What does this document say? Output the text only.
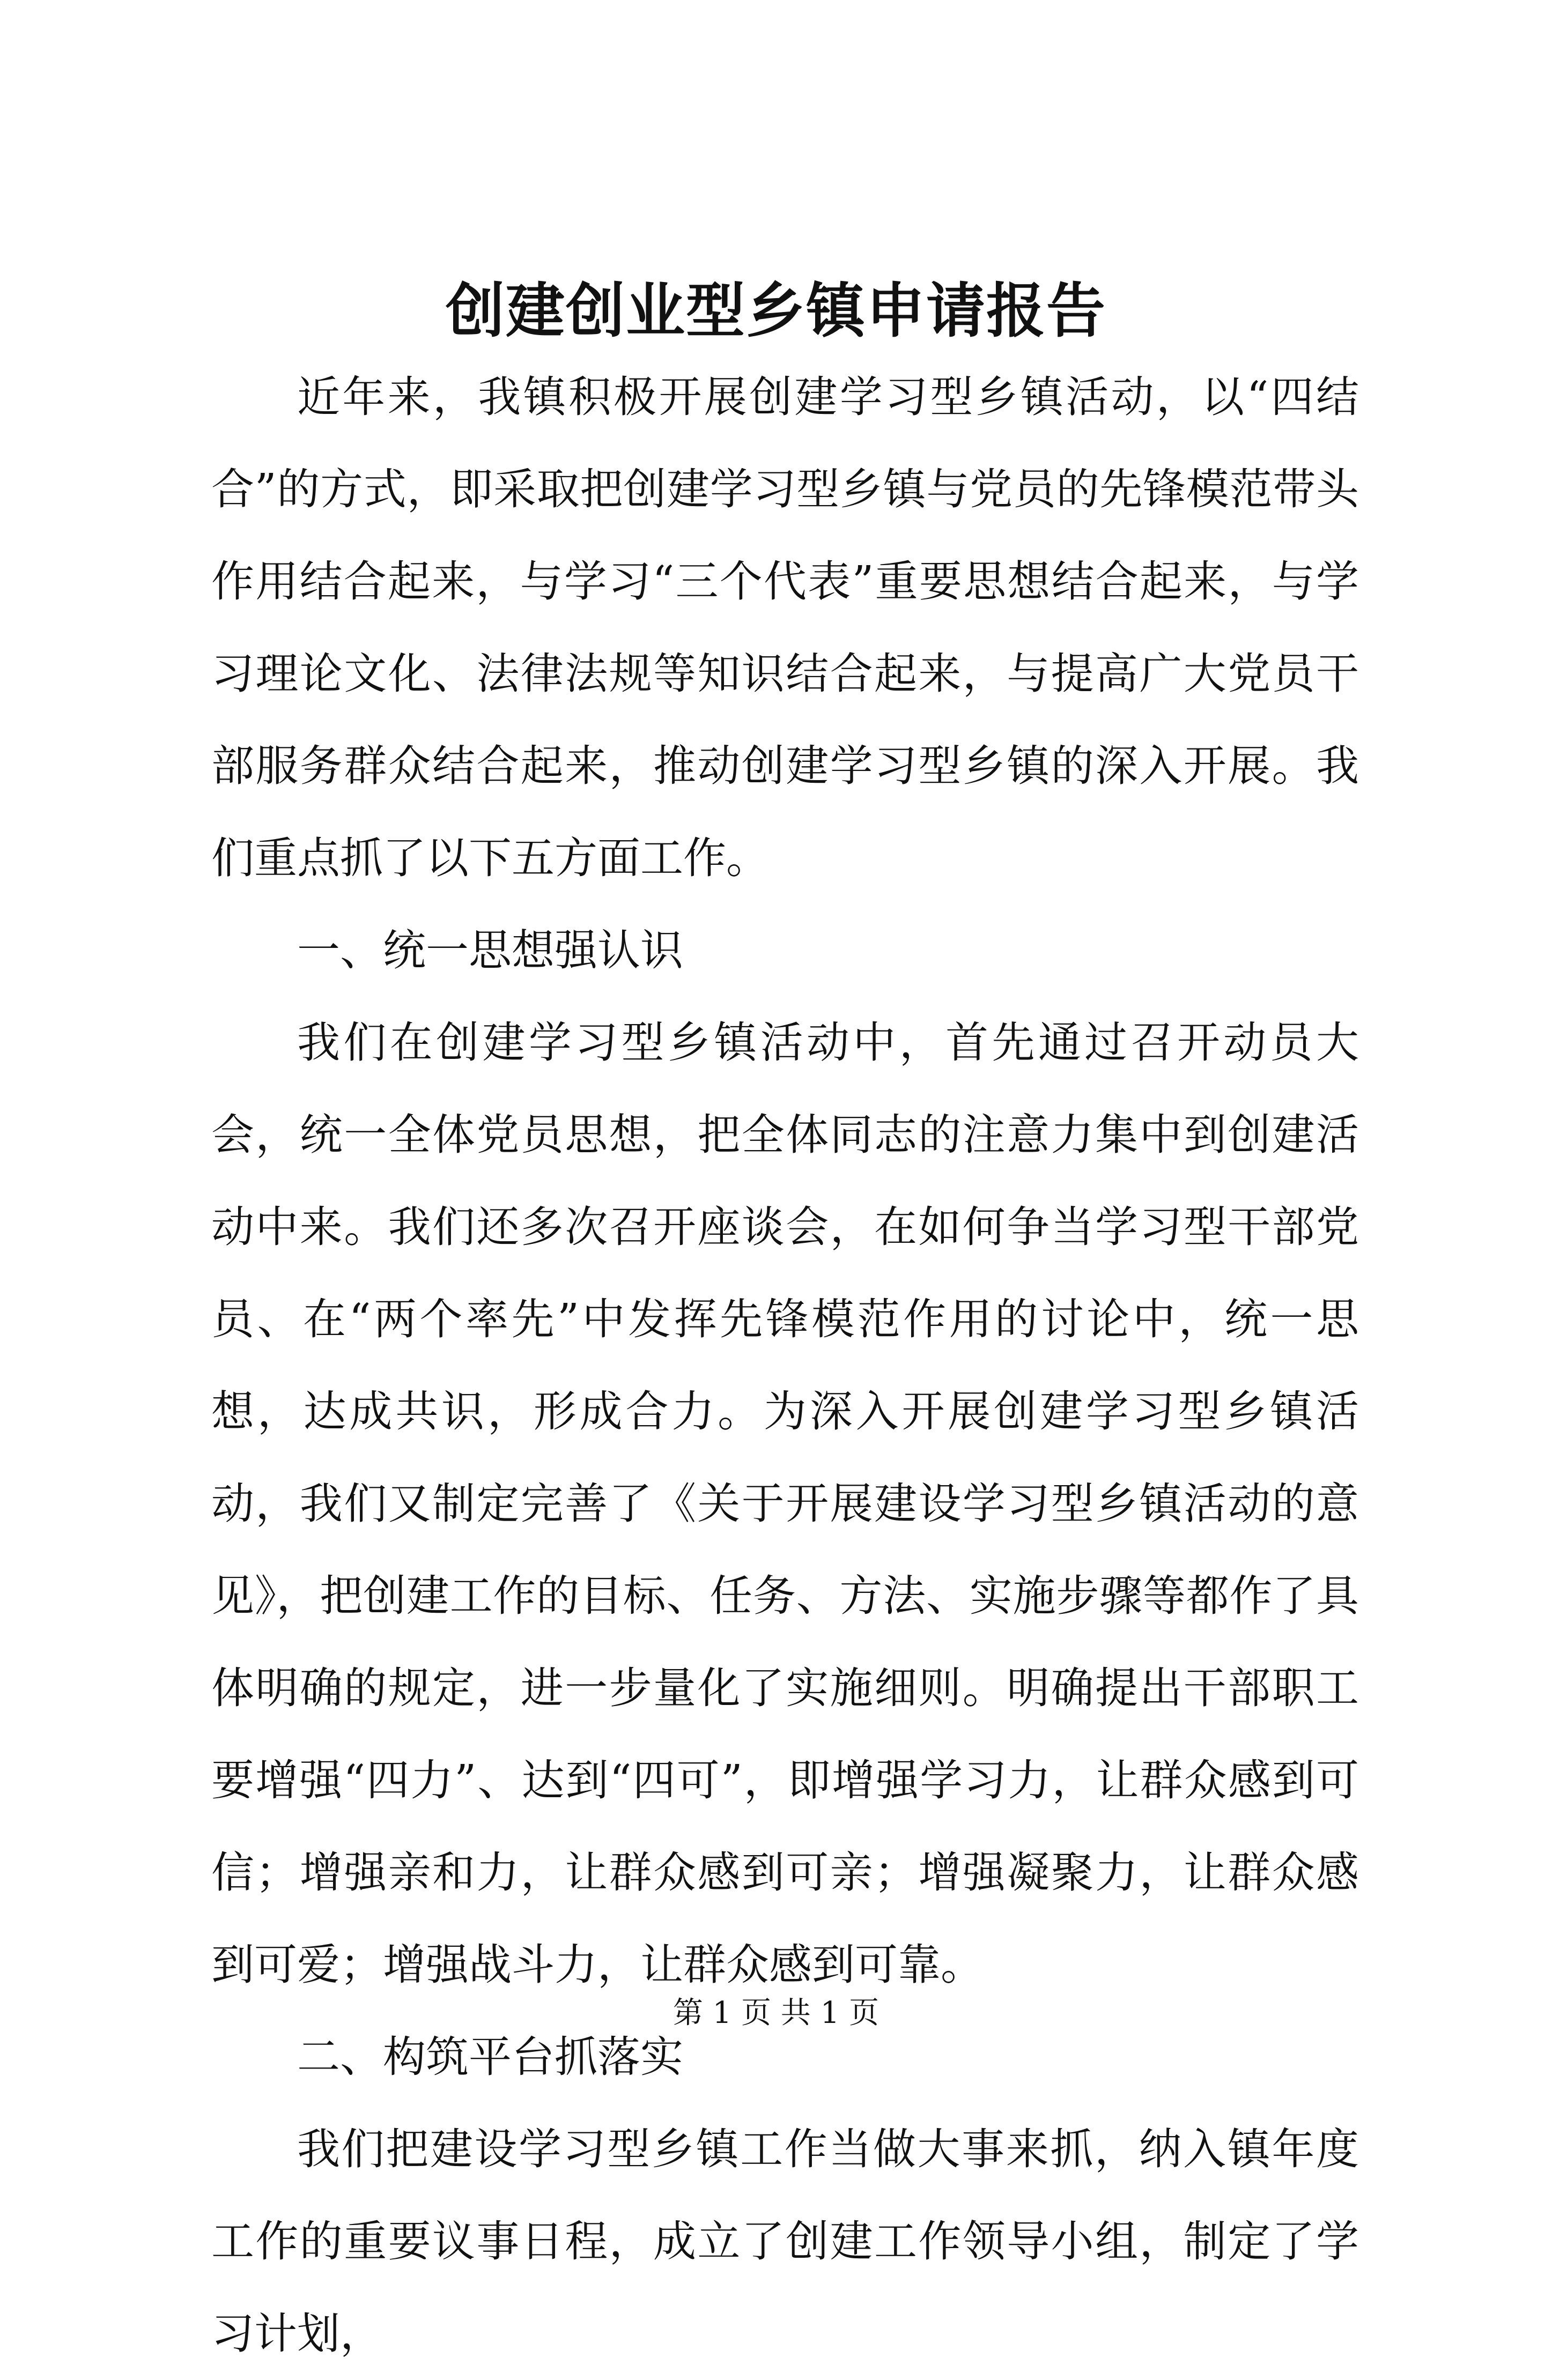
创建创业型乡镇申请报告

近年来，我镇积极开展创建学习型乡镇活动，以“四结合”的方式，即采取把创建学习型乡镇与党员的先锋模范带头作用结合起来，与学习“三个代表”重要思想结合起来，与学习理论文化、法律法规等知识结合起来，与提高广大党员干部服务群众结合起来，推动创建学习型乡镇的深入开展。我们重点抓了以下五方面工作。

一、统一思想强认识

我们在创建学习型乡镇活动中，首先通过召开动员大会，统一全体党员思想，把全体同志的注意力集中到创建活动中来。我们还多次召开座谈会，在如何争当学习型干部党员、在“两个率先”中发挥先锋模范作用的讨论中，统一思想，达成共识，形成合力。为深入开展创建学习型乡镇活动，我们又制定完善了《关于开展建设学习型乡镇活动的意见》，把创建工作的目标、任务、方法、实施步骤等都作了具体明确的规定，进一步量化了实施细则。明确提出干部职工要增强“四力”、达到“四可”，即增强学习力，让群众感到可信；增强亲和力，让群众感到可亲；增强凝聚力，让群众感到可爱；增强战斗力，让群众感到可靠。

二、构筑平台抓落实

我们把建设学习型乡镇工作当做大事来抓，纳入镇年度工作的重要议事日程，成立了创建工作领导小组，制定了学习计划，

第 1 页 共 1 页
